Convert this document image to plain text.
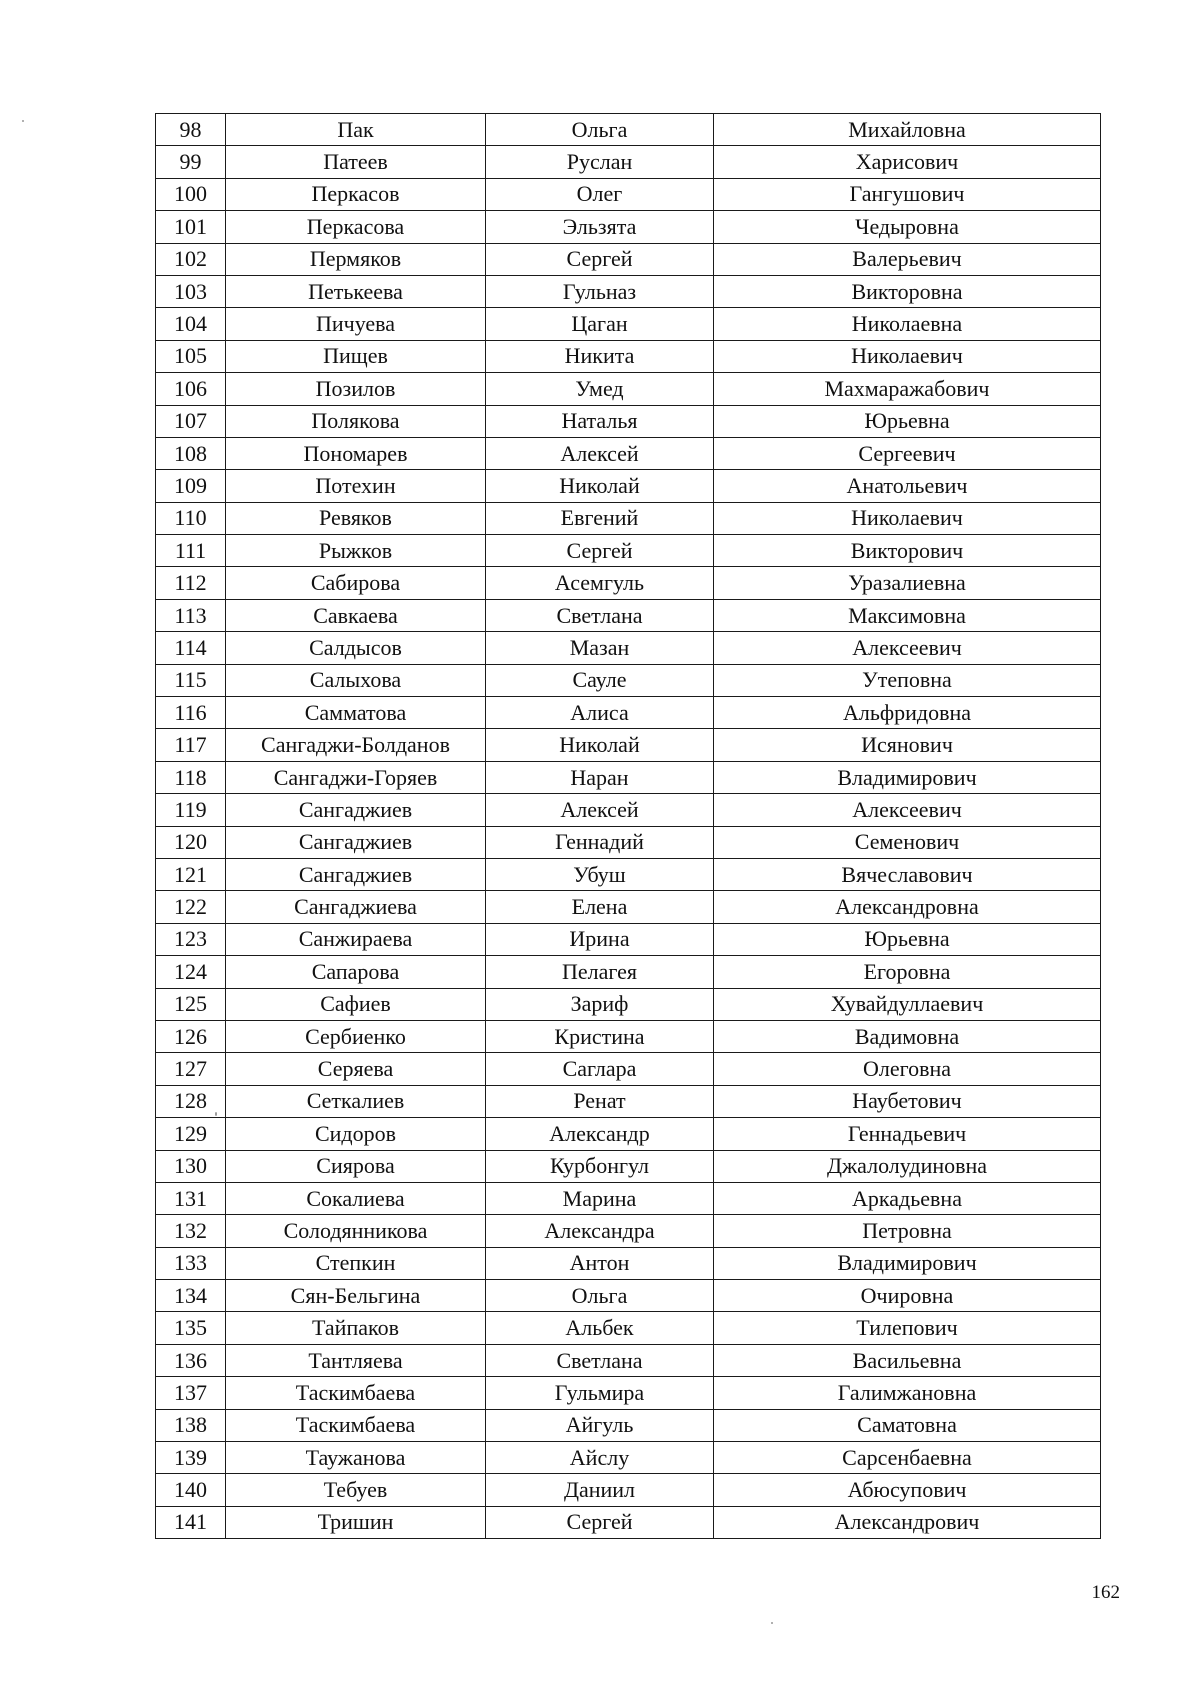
98	Пак	Ольга	Михайловна
99	Патеев	Руслан	Харисович
100	Перкасов	Олег	Гангушович
101	Перкасова	Эльзята	Чедыровна
102	Пермяков	Сергей	Валерьевич
103	Петькеева	Гульназ	Викторовна
104	Пичуева	Цаган	Николаевна
105	Пищев	Никита	Николаевич
106	Позилов	Умед	Махмаражабович
107	Полякова	Наталья	Юрьевна
108	Пономарев	Алексей	Сергеевич
109	Потехин	Николай	Анатольевич
110	Ревяков	Евгений	Николаевич
111	Рыжков	Сергей	Викторович
112	Сабирова	Асемгуль	Уразалиевна
113	Савкаева	Светлана	Максимовна
114	Салдысов	Мазан	Алексеевич
115	Салыхова	Сауле	Утеповна
116	Самматова	Алиса	Альфридовна
117	Сангаджи-Болданов	Николай	Исянович
118	Сангаджи-Горяев	Наран	Владимирович
119	Сангаджиев	Алексей	Алексеевич
120	Сангаджиев	Геннадий	Семенович
121	Сангаджиев	Убуш	Вячеславович
122	Сангаджиева	Елена	Александровна
123	Санжираева	Ирина	Юрьевна
124	Сапарова	Пелагея	Егоровна
125	Сафиев	Зариф	Хувайдуллаевич
126	Сербиенко	Кристина	Вадимовна
127	Серяева	Саглара	Олеговна
128	Сеткалиев	Ренат	Наубетович
129	Сидоров	Александр	Геннадьевич
130	Сиярова	Курбонгул	Джалолудиновна
131	Сокалиева	Марина	Аркадьевна
132	Солодянникова	Александра	Петровна
133	Степкин	Антон	Владимирович
134	Сян-Бельгина	Ольга	Очировна
135	Тайпаков	Альбек	Тилепович
136	Тантляева	Светлана	Васильевна
137	Таскимбаева	Гульмира	Галимжановна
138	Таскимбаева	Айгуль	Саматовна
139	Таужанова	Айслу	Сарсенбаевна
140	Тебуев	Даниил	Абюсупович
141	Тришин	Сергей	Александрович
162
